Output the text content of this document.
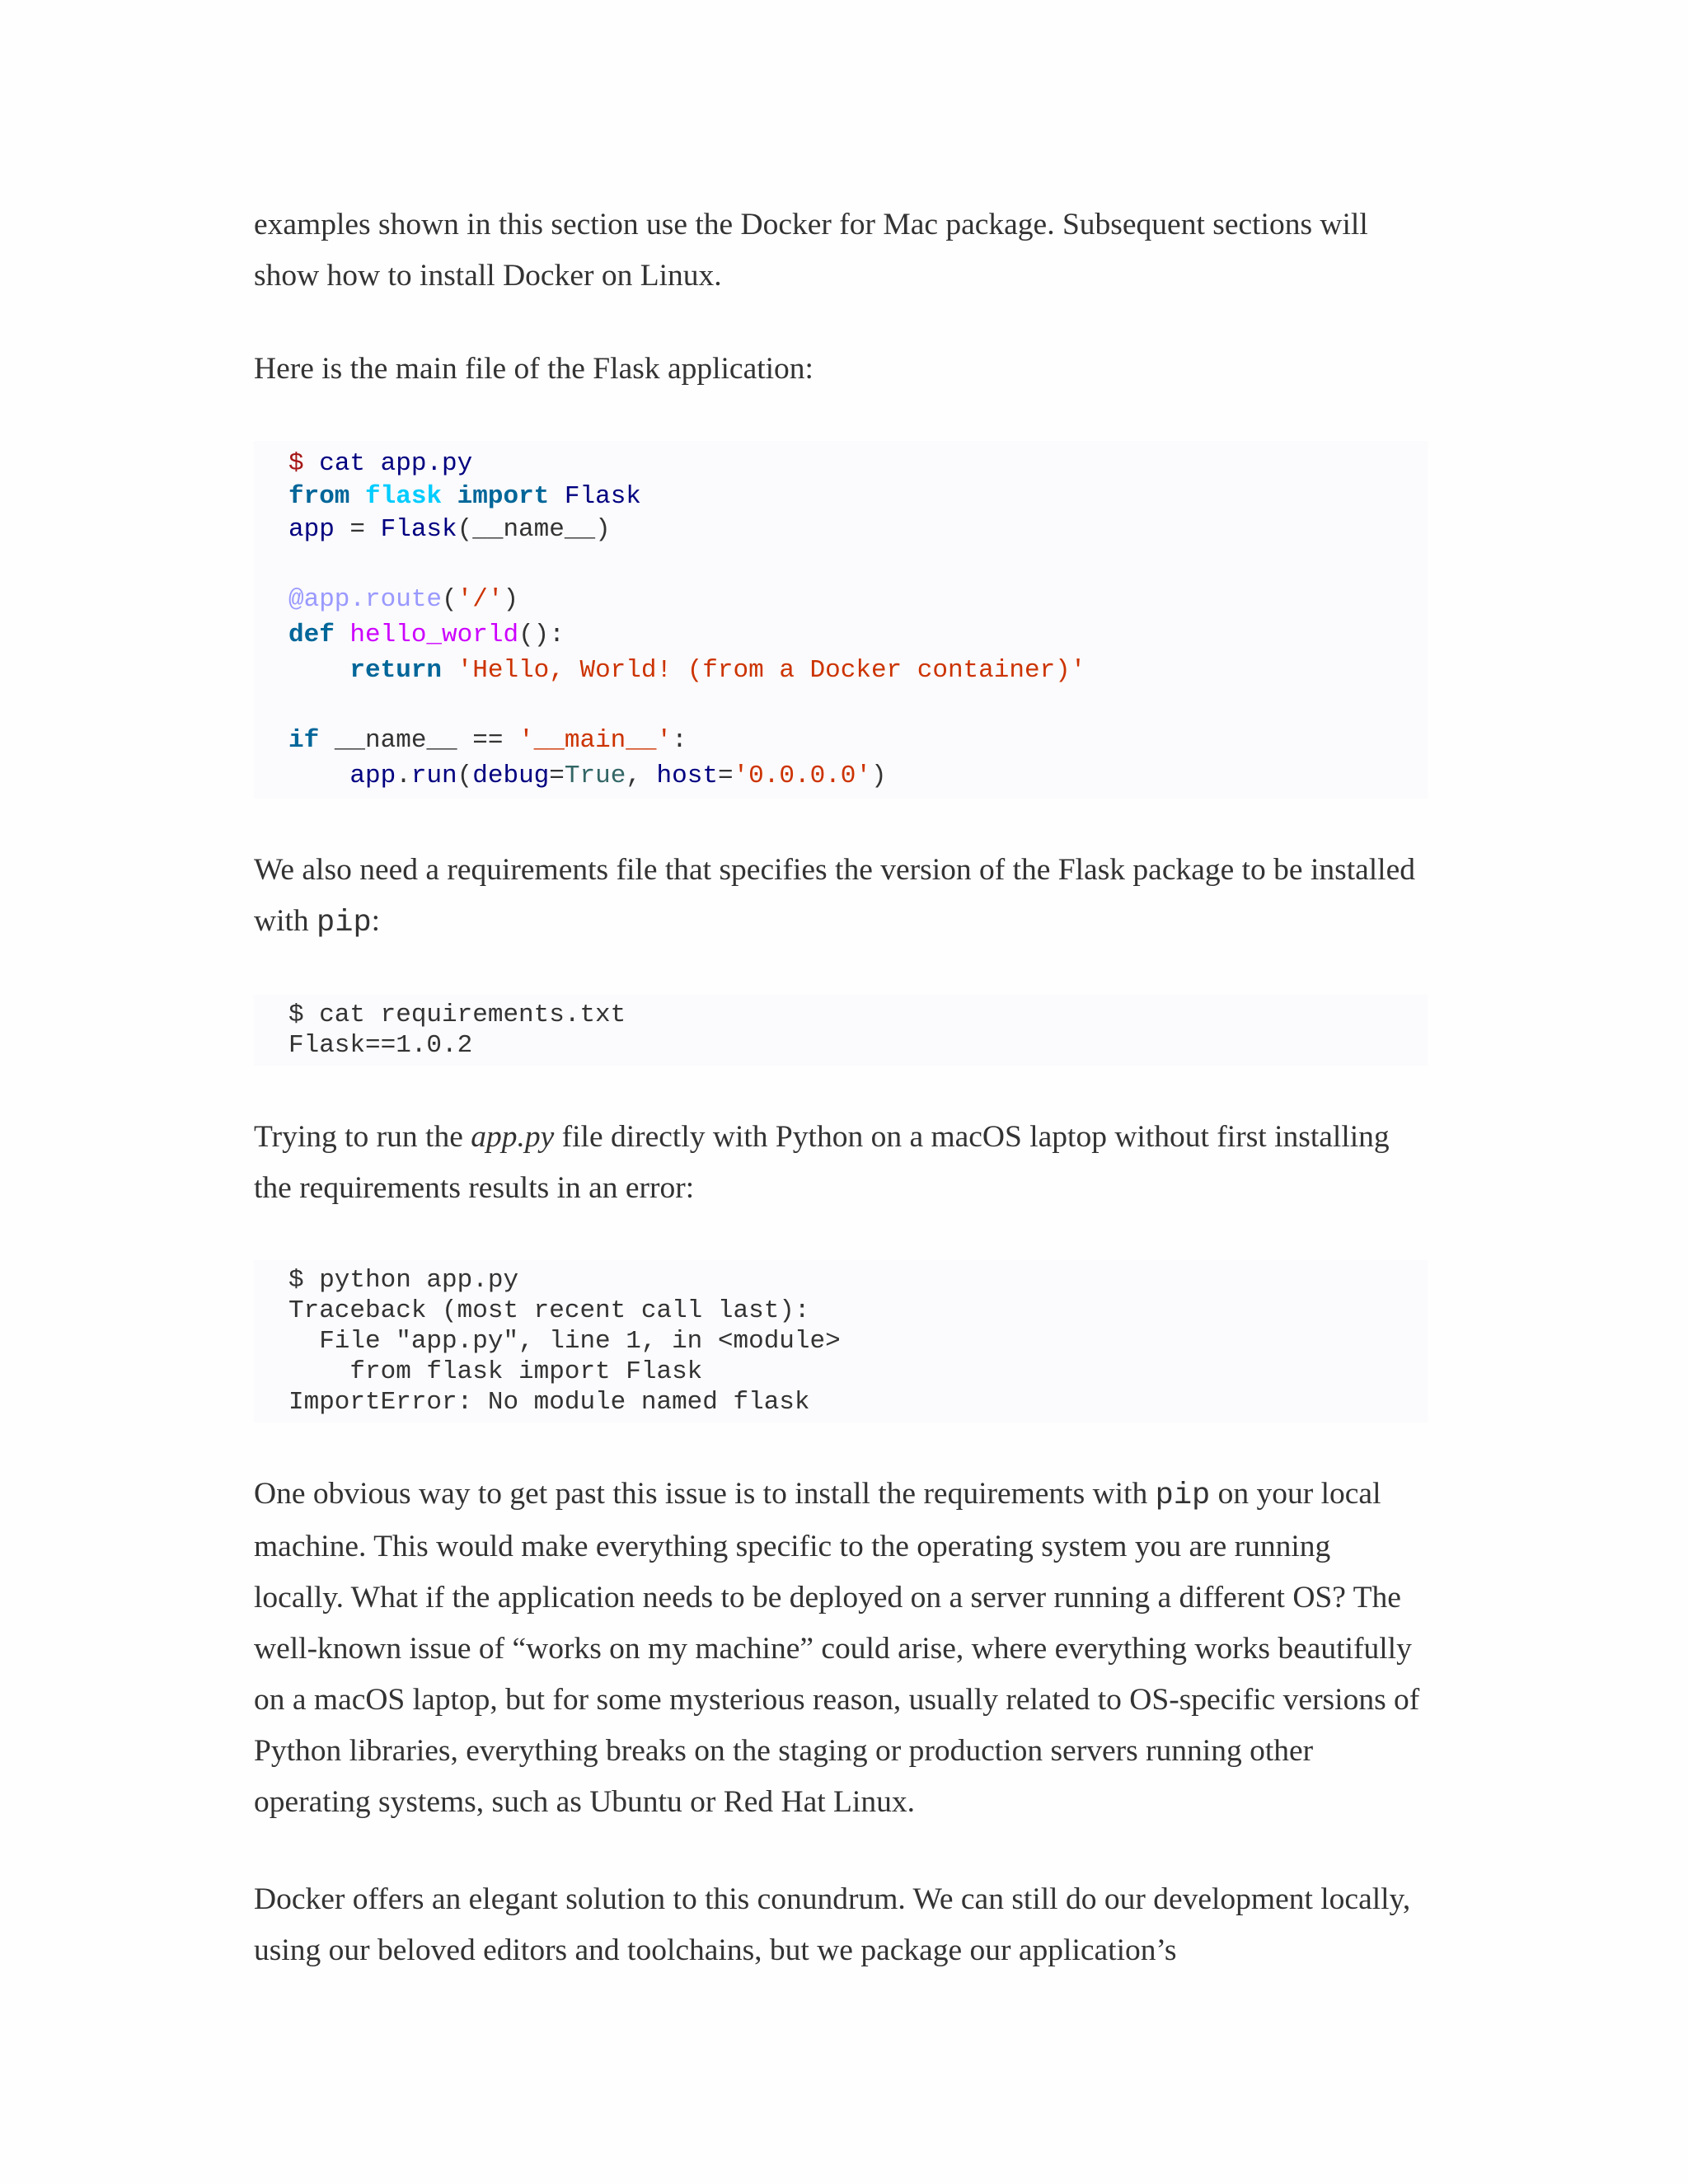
examples shown in this section use the Docker for Mac package. Subsequent sections will show how to install Docker on Linux.

Here is the main file of the Flask application:

$ cat app.py
from flask import Flask
app = Flask(__name__)
@app.route('/')
def hello_world():
return 'Hello, World! (from a Docker container)'
if __name__ == '__main__':
app.run(debug=True, host='0.0.0.0')

We also need a requirements file that specifies the version of the Flask package to be installed with pip:

$ cat requirements.txt
Flask==1.0.2

Trying to run the app.py file directly with Python on a macOS laptop without first installing the requirements results in an error:

$ python app.py
Traceback (most recent call last):
File "app.py", line 1, in <module>
from flask import Flask
ImportError: No module named flask

One obvious way to get past this issue is to install the requirements with pip on your local machine. This would make everything specific to the operating system you are running locally. What if the application needs to be deployed on a server running a different OS? The well-known issue of “works on my machine” could arise, where everything works beautifully on a macOS laptop, but for some mysterious reason, usually related to OS-specific versions of Python libraries, everything breaks on the staging or production servers running other operating systems, such as Ubuntu or Red Hat Linux.

Docker offers an elegant solution to this conundrum. We can still do our development locally, using our beloved editors and toolchains, but we package our application’s
